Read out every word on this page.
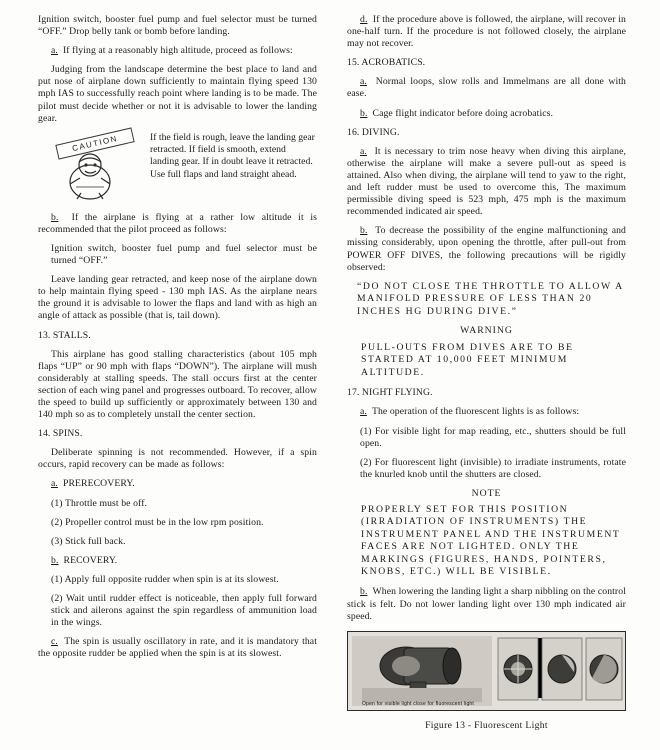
Ignition switch, booster fuel pump and fuel selector must be turned “OFF.” Drop belly tank or bomb before landing.

a. If flying at a reasonably high altitude, proceed as follows:

Judging from the landscape determine the best place to land and put nose of airplane down sufficiently to maintain flying speed 130 mph IAS to successfully reach point where landing is to be made. The pilot must decide whether or not it is advisable to lower the landing gear.

CAUTION	If the field is rough, leave the landing gear retracted. If field is smooth, extend landing gear. If in doubt leave it retracted. Use full flaps and land straight ahead.

b. If the airplane is flying at a rather low altitude it is recommended that the pilot proceed as follows:

Ignition switch, booster fuel pump and fuel selector must be turned “OFF.”

Leave landing gear retracted, and keep nose of the airplane down to help maintain flying speed - 130 mph IAS. As the airplane nears the ground it is advisable to lower the flaps and land with as high an angle of attack as possible (that is, tail down).

13. STALLS.

This airplane has good stalling characteristics (about 105 mph flaps “UP” or 90 mph with flaps “DOWN”). The airplane will mush considerably at stalling speeds. The stall occurs first at the center section of each wing panel and progresses outboard. To recover, allow the speed to build up sufficiently or approximately between 130 and 140 mph so as to completely unstall the center section.

14. SPINS.

Deliberate spinning is not recommended. However, if a spin occurs, rapid recovery can be made as follows:

a. PRERECOVERY.

(1) Throttle must be off.

(2) Propeller control must be in the low rpm position.

(3) Stick full back.

b. RECOVERY.

(1) Apply full opposite rudder when spin is at its slowest.

(2) Wait until rudder effect is noticeable, then apply full forward stick and ailerons against the spin regardless of ammunition load in the wings.

c. The spin is usually oscillatory in rate, and it is mandatory that the opposite rudder be applied when the spin is at its slowest.

d. If the procedure above is followed, the airplane, will recover in one-half turn. If the procedure is not followed closely, the airplane may not recover.

15. ACROBATICS.

a. Normal loops, slow rolls and Immelmans are all done with ease.

b. Cage flight indicator before doing acrobatics.

16. DIVING.

a. It is necessary to trim nose heavy when diving this airplane, otherwise the airplane will make a severe pull-out as speed is attained. Also when diving, the airplane will tend to yaw to the right, and left rudder must be used to overcome this, The maximum permissible diving speed is 523 mph, 475 mph is the maximum recommended indicated air speed.

b. To decrease the possibility of the engine malfunctioning and missing considerably, upon opening the throttle, after pull-out from POWER OFF DIVES, the following precautions will be rigidly observed:

“DO NOT CLOSE THE THROTTLE TO ALLOW A MANIFOLD PRESSURE OF LESS THAN 20 INCHES HG DURING DIVE.”

WARNING

PULL-OUTS FROM DIVES ARE TO BE STARTED AT 10,000 FEET MINIMUM ALTITUDE.

17. NIGHT FLYING.

a. The operation of the fluorescent lights is as follows:

(1) For visible light for map reading, etc., shutters should be full open.

(2) For fluorescent light (invisible) to irradiate instruments, rotate the knurled knob until the shutters are closed.

NOTE

PROPERLY SET FOR THIS POSITION (IRRADIATION OF INSTRUMENTS) THE INSTRUMENT PANEL AND THE INSTRUMENT FACES ARE NOT LIGHTED. ONLY THE MARKINGS (FIGURES, HANDS, POINTERS, KNOBS, ETC.) WILL BE VISIBLE.

b. When lowering the landing light a sharp nibbling on the control stick is felt. Do not lower landing light over 130 mph indicated air speed.

Open for visible light close for fluorescent light

Figure 13 - Fluorescent Light
